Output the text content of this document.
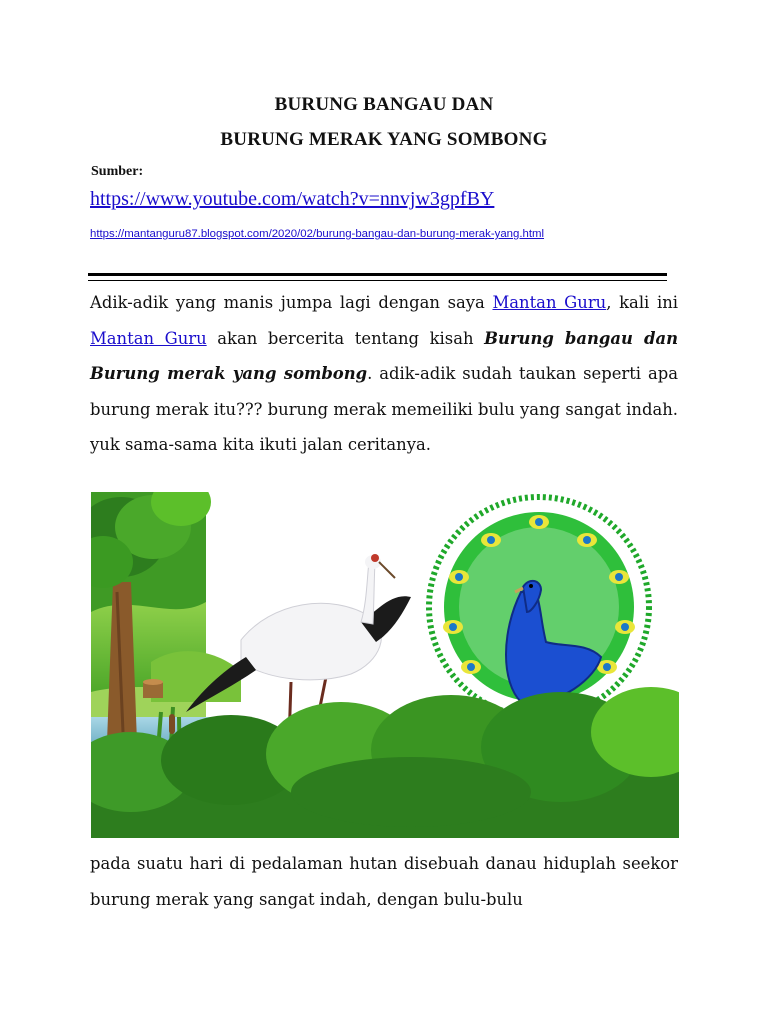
BURUNG BANGAU DAN
BURUNG MERAK YANG SOMBONG
Sumber:
https://www.youtube.com/watch?v=nnvjw3gpfBY
https://mantanguru87.blogspot.com/2020/02/burung-bangau-dan-burung-merak-yang.html
Adik-adik yang manis jumpa lagi dengan saya Mantan Guru, kali ini Mantan Guru akan bercerita tentang kisah Burung bangau dan Burung merak yang sombong. adik-adik sudah taukan seperti apa burung merak itu??? burung merak memeiliki bulu yang sangat indah. yuk sama-sama kita ikuti jalan ceritanya.
pada suatu hari di pedalaman hutan disebuah danau hiduplah seekor burung merak yang sangat indah, dengan bulu-bulu
